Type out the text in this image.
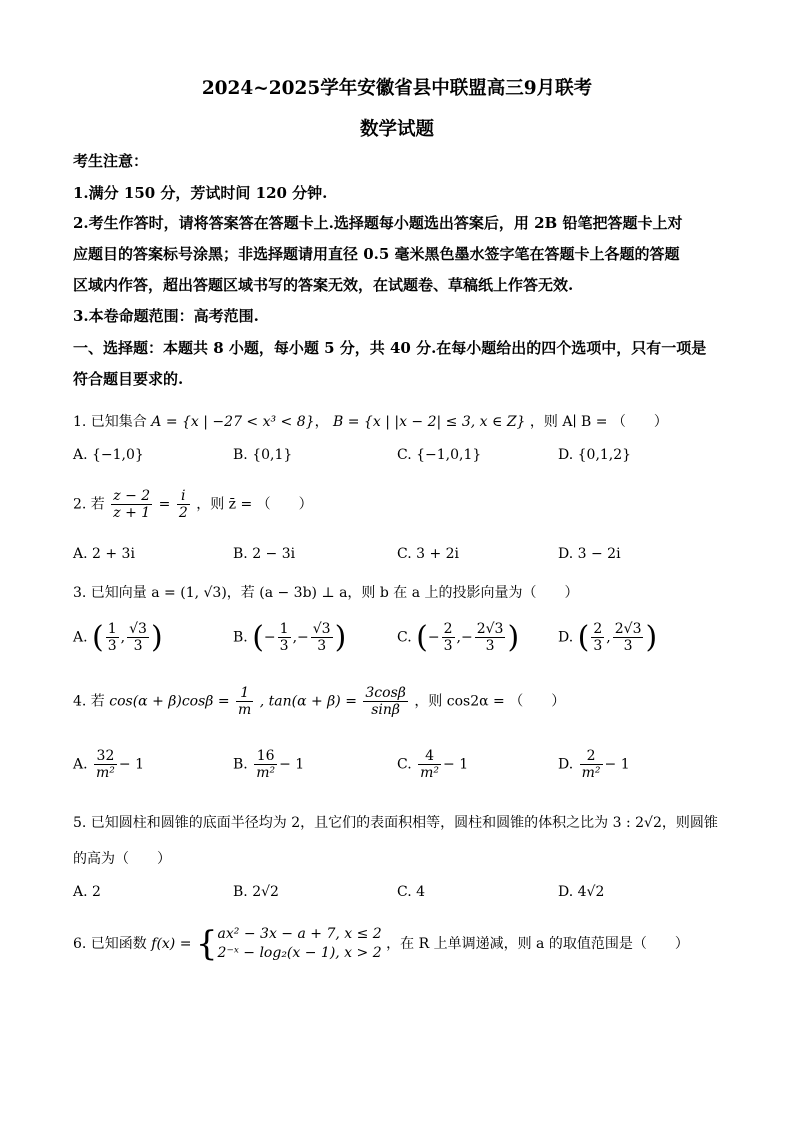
2024~2025学年安徽省县中联盟高三9月联考
数学试题
考生注意：
1.满分 150 分，芳试时间 120 分钟.
2.考生作答时，请将答案答在答题卡上.选择题每小题选出答案后，用 2B 铅笔把答题卡上对
应题目的答案标号涂黑；非选择题请用直径 0.5 毫米黑色墨水签字笔在答题卡上各题的答题
区域内作答，超出答题区域书写的答案无效，在试题卷、草稿纸上作答无效.
3.本卷命题范围：高考范围.
一、选择题：本题共 8 小题，每小题 5 分，共 40 分.在每小题给出的四个选项中，只有一项是
符合题目要求的.
1. 已知集合 A = {x | −27 < x³ < 8}， B = {x | |x − 2| ≤ 3, x ∈ Z} ，则 A∣ B = （　　）
A. {−1,0}	B. {0,1}	C. {−1,0,1}	D. {0,1,2}
2. 若 $\frac{z - 2}{z + 1} = \frac{i}{2}$ ，则 z̄ = （　　）
A. 2 + 3i	B. 2 − 3i	C. 3 + 2i	D. 3 − 2i
3. 已知向量 a = (1, √3)，若 (a − 3b) ⊥ a，则 b 在 a 上的投影向量为（　　）
A. ( $\frac{1}{3}$ , $\frac{√3}{3}$ )	B. (− $\frac{1}{3}$ ,− $\frac{√3}{3}$ )	C. (− $\frac{2}{3}$ ,− $\frac{2√3}{3}$ )	D. ( $\frac{2}{3}$ , $\frac{2√3}{3}$ )
4. 若 $\cos(\alpha + \beta)\cos\beta = \frac{1}{m}$ , $\tan(\alpha + \beta) = \frac{3\cos\beta}{\sin\beta}$ ，则 cos2α = （　　）
A. $\frac{32}{\text{m²}} - 1$	B. $\frac{16}{\text{m²}} - 1$	C. $\frac{4}{\text{m²}} - 1$	D. $\frac{2}{\text{m²}} - 1$
5. 已知圆柱和圆锥的底面半径均为 2，且它们的表面积相等，圆柱和圆锥的体积之比为 3 : 2√2，则圆锥
的高为（　　）
A. 2	B. 2√2	C. 4	D. 4√2
6. 已知函数 f(x) = { ax² − 3x − a + 7, x ≤ 2
2⁻ˣ − log₂(x − 1), x > 2
，在 R 上单调递减，则 a 的取值范围是（　　）
